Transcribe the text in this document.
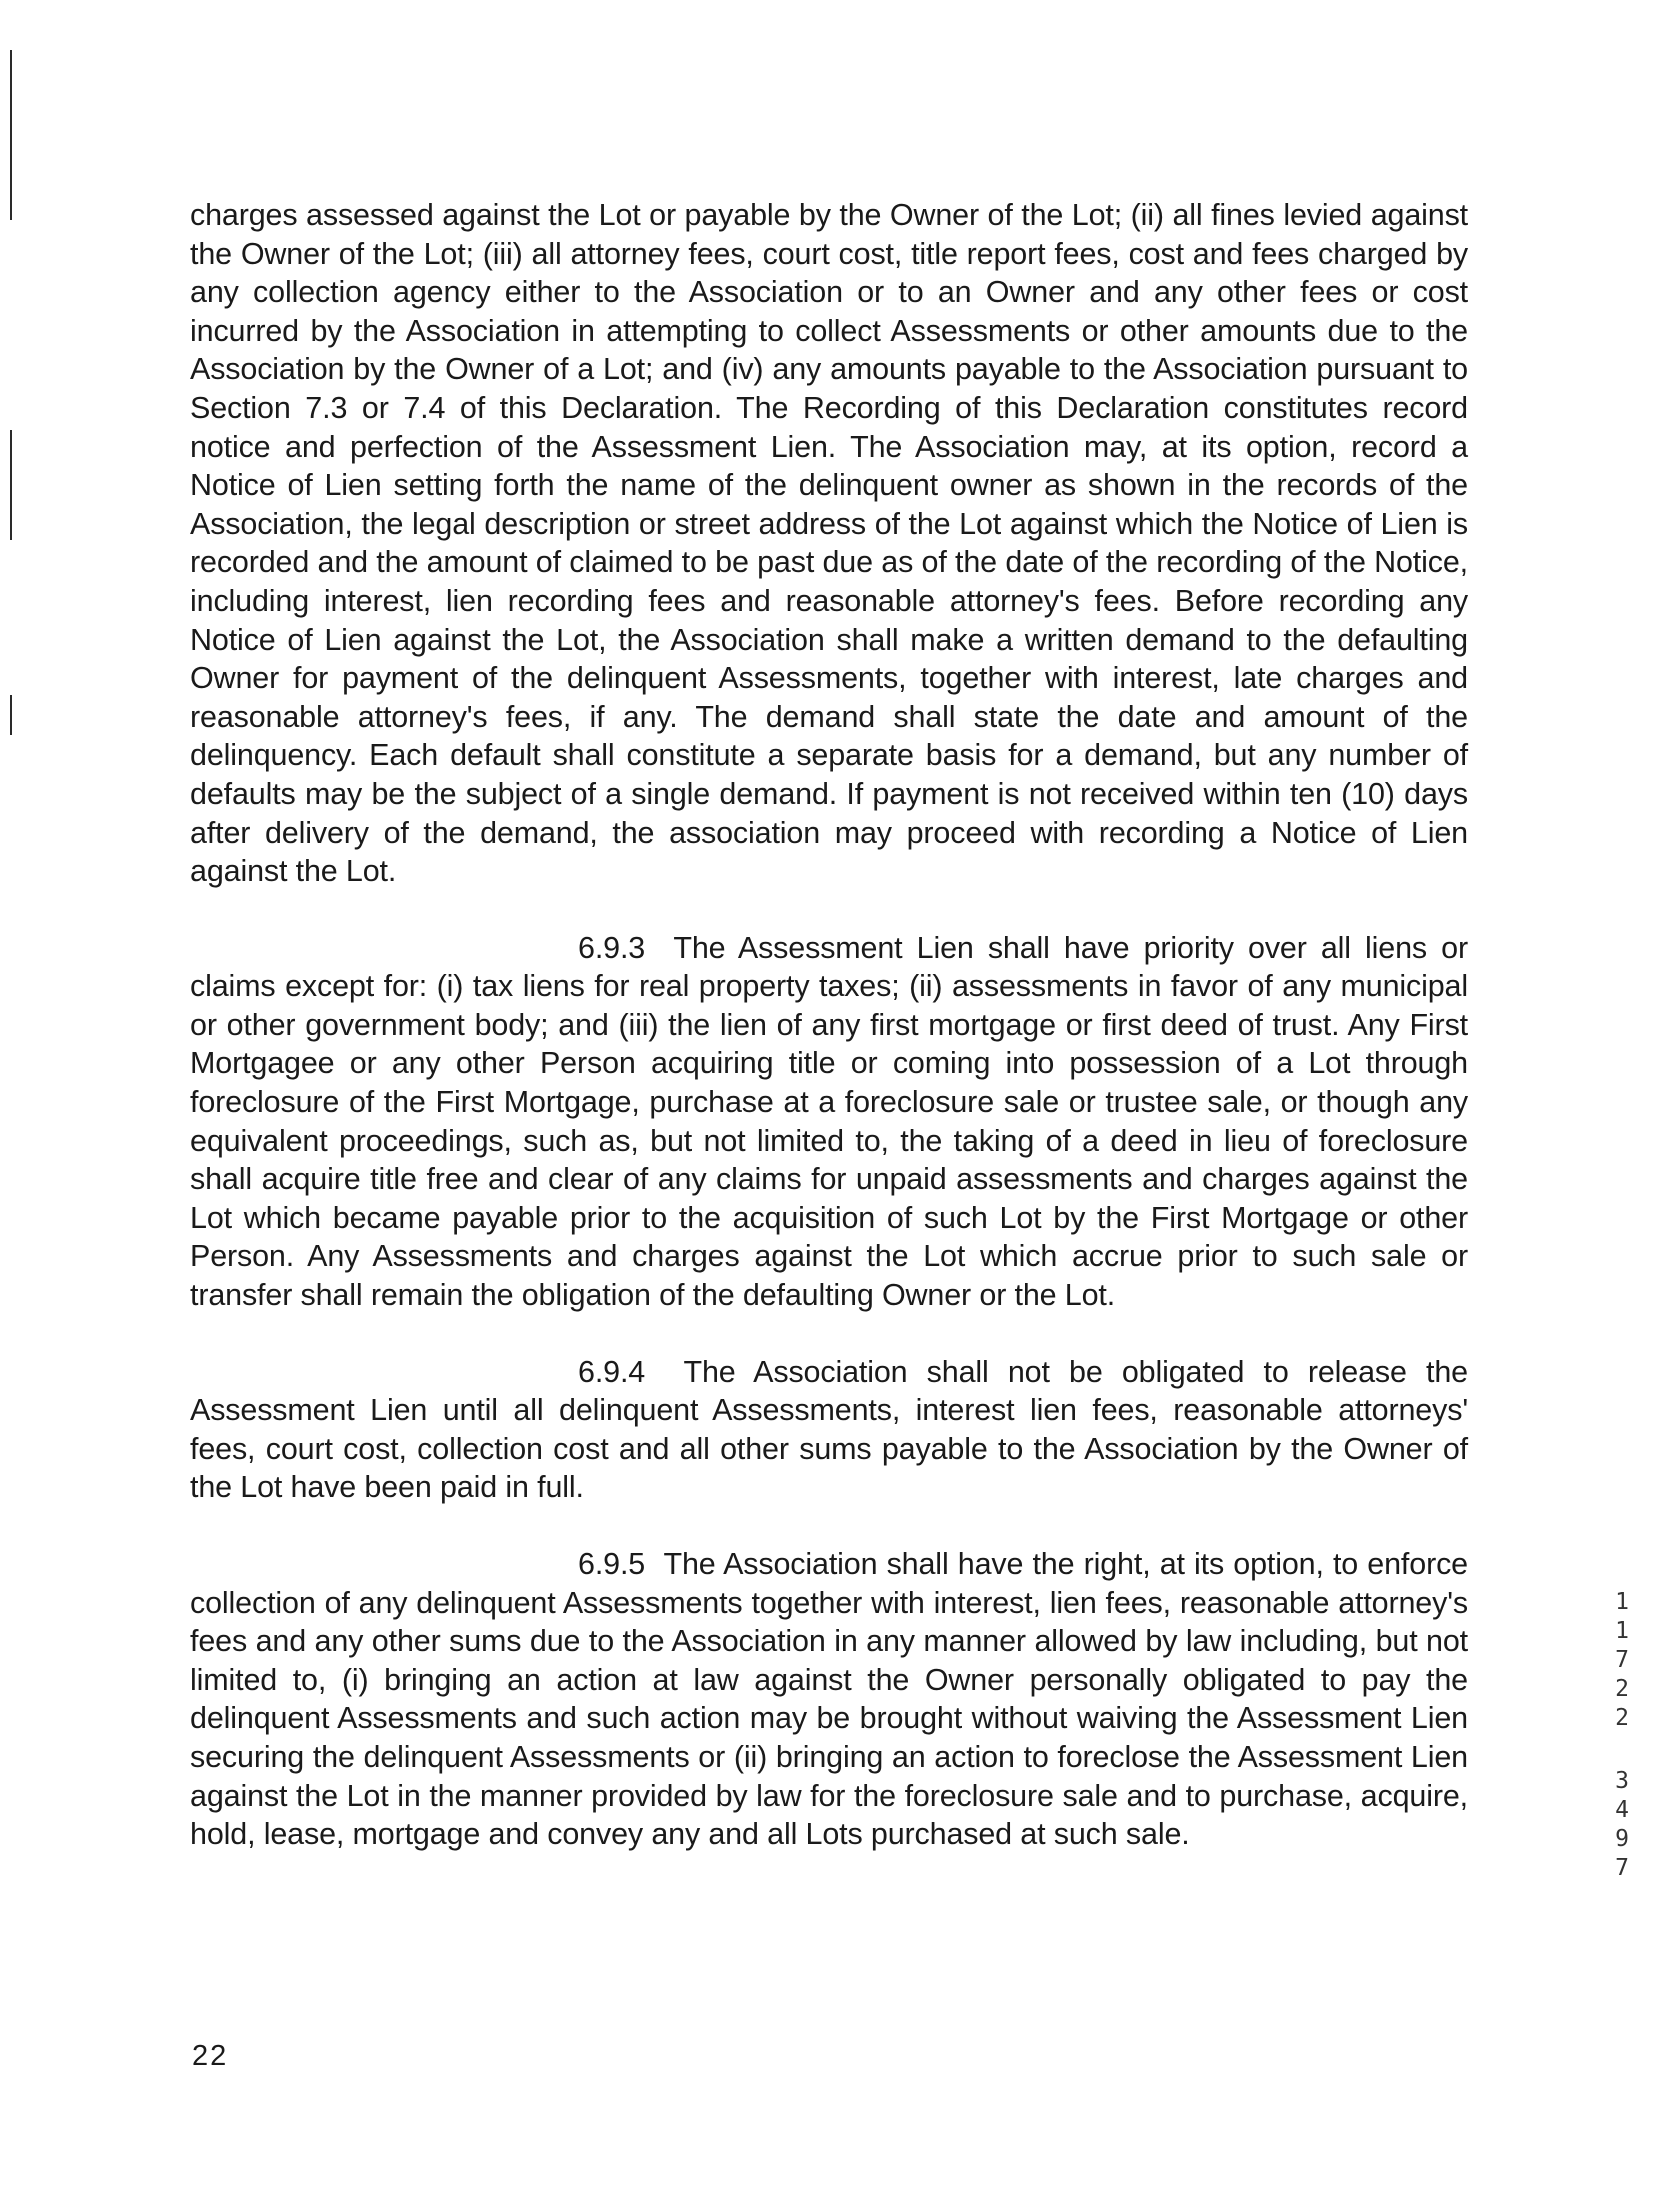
charges assessed against the Lot or payable by the Owner of the Lot; (ii) all fines levied against the Owner of the Lot; (iii) all attorney fees, court cost, title report fees, cost and fees charged by any collection agency either to the Association or to an Owner and any other fees or cost incurred by the Association in attempting to collect Assessments or other amounts due to the Association by the Owner of a Lot; and (iv) any amounts payable to the Association pursuant to Section 7.3 or 7.4 of this Declaration. The Recording of this Declaration constitutes record notice and perfection of the Assessment Lien. The Association may, at its option, record a Notice of Lien setting forth the name of the delinquent owner as shown in the records of the Association, the legal description or street address of the Lot against which the Notice of Lien is recorded and the amount of claimed to be past due as of the date of the recording of the Notice, including interest, lien recording fees and reasonable attorney's fees. Before recording any Notice of Lien against the Lot, the Association shall make a written demand to the defaulting Owner for payment of the delinquent Assessments, together with interest, late charges and reasonable attorney's fees, if any. The demand shall state the date and amount of the delinquency. Each default shall constitute a separate basis for a demand, but any number of defaults may be the subject of a single demand. If payment is not received within ten (10) days after delivery of the demand, the association may proceed with recording a Notice of Lien against the Lot.

6.9.3 The Assessment Lien shall have priority over all liens or claims except for: (i) tax liens for real property taxes; (ii) assessments in favor of any municipal or other government body; and (iii) the lien of any first mortgage or first deed of trust. Any First Mortgagee or any other Person acquiring title or coming into possession of a Lot through foreclosure of the First Mortgage, purchase at a foreclosure sale or trustee sale, or though any equivalent proceedings, such as, but not limited to, the taking of a deed in lieu of foreclosure shall acquire title free and clear of any claims for unpaid assessments and charges against the Lot which became payable prior to the acquisition of such Lot by the First Mortgage or other Person. Any Assessments and charges against the Lot which accrue prior to such sale or transfer shall remain the obligation of the defaulting Owner or the Lot.

6.9.4 The Association shall not be obligated to release the Assessment Lien until all delinquent Assessments, interest lien fees, reasonable attorneys' fees, court cost, collection cost and all other sums payable to the Association by the Owner of the Lot have been paid in full.

6.9.5 The Association shall have the right, at its option, to enforce collection of any delinquent Assessments together with interest, lien fees, reasonable attorney's fees and any other sums due to the Association in any manner allowed by law including, but not limited to, (i) bringing an action at law against the Owner personally obligated to pay the delinquent Assessments and such action may be brought without waiving the Assessment Lien securing the delinquent Assessments or (ii) bringing an action to foreclose the Assessment Lien against the Lot in the manner provided by law for the foreclosure sale and to purchase, acquire, hold, lease, mortgage and convey any and all Lots purchased at such sale.

22
1
1
7
2
2
3
4
9
7
